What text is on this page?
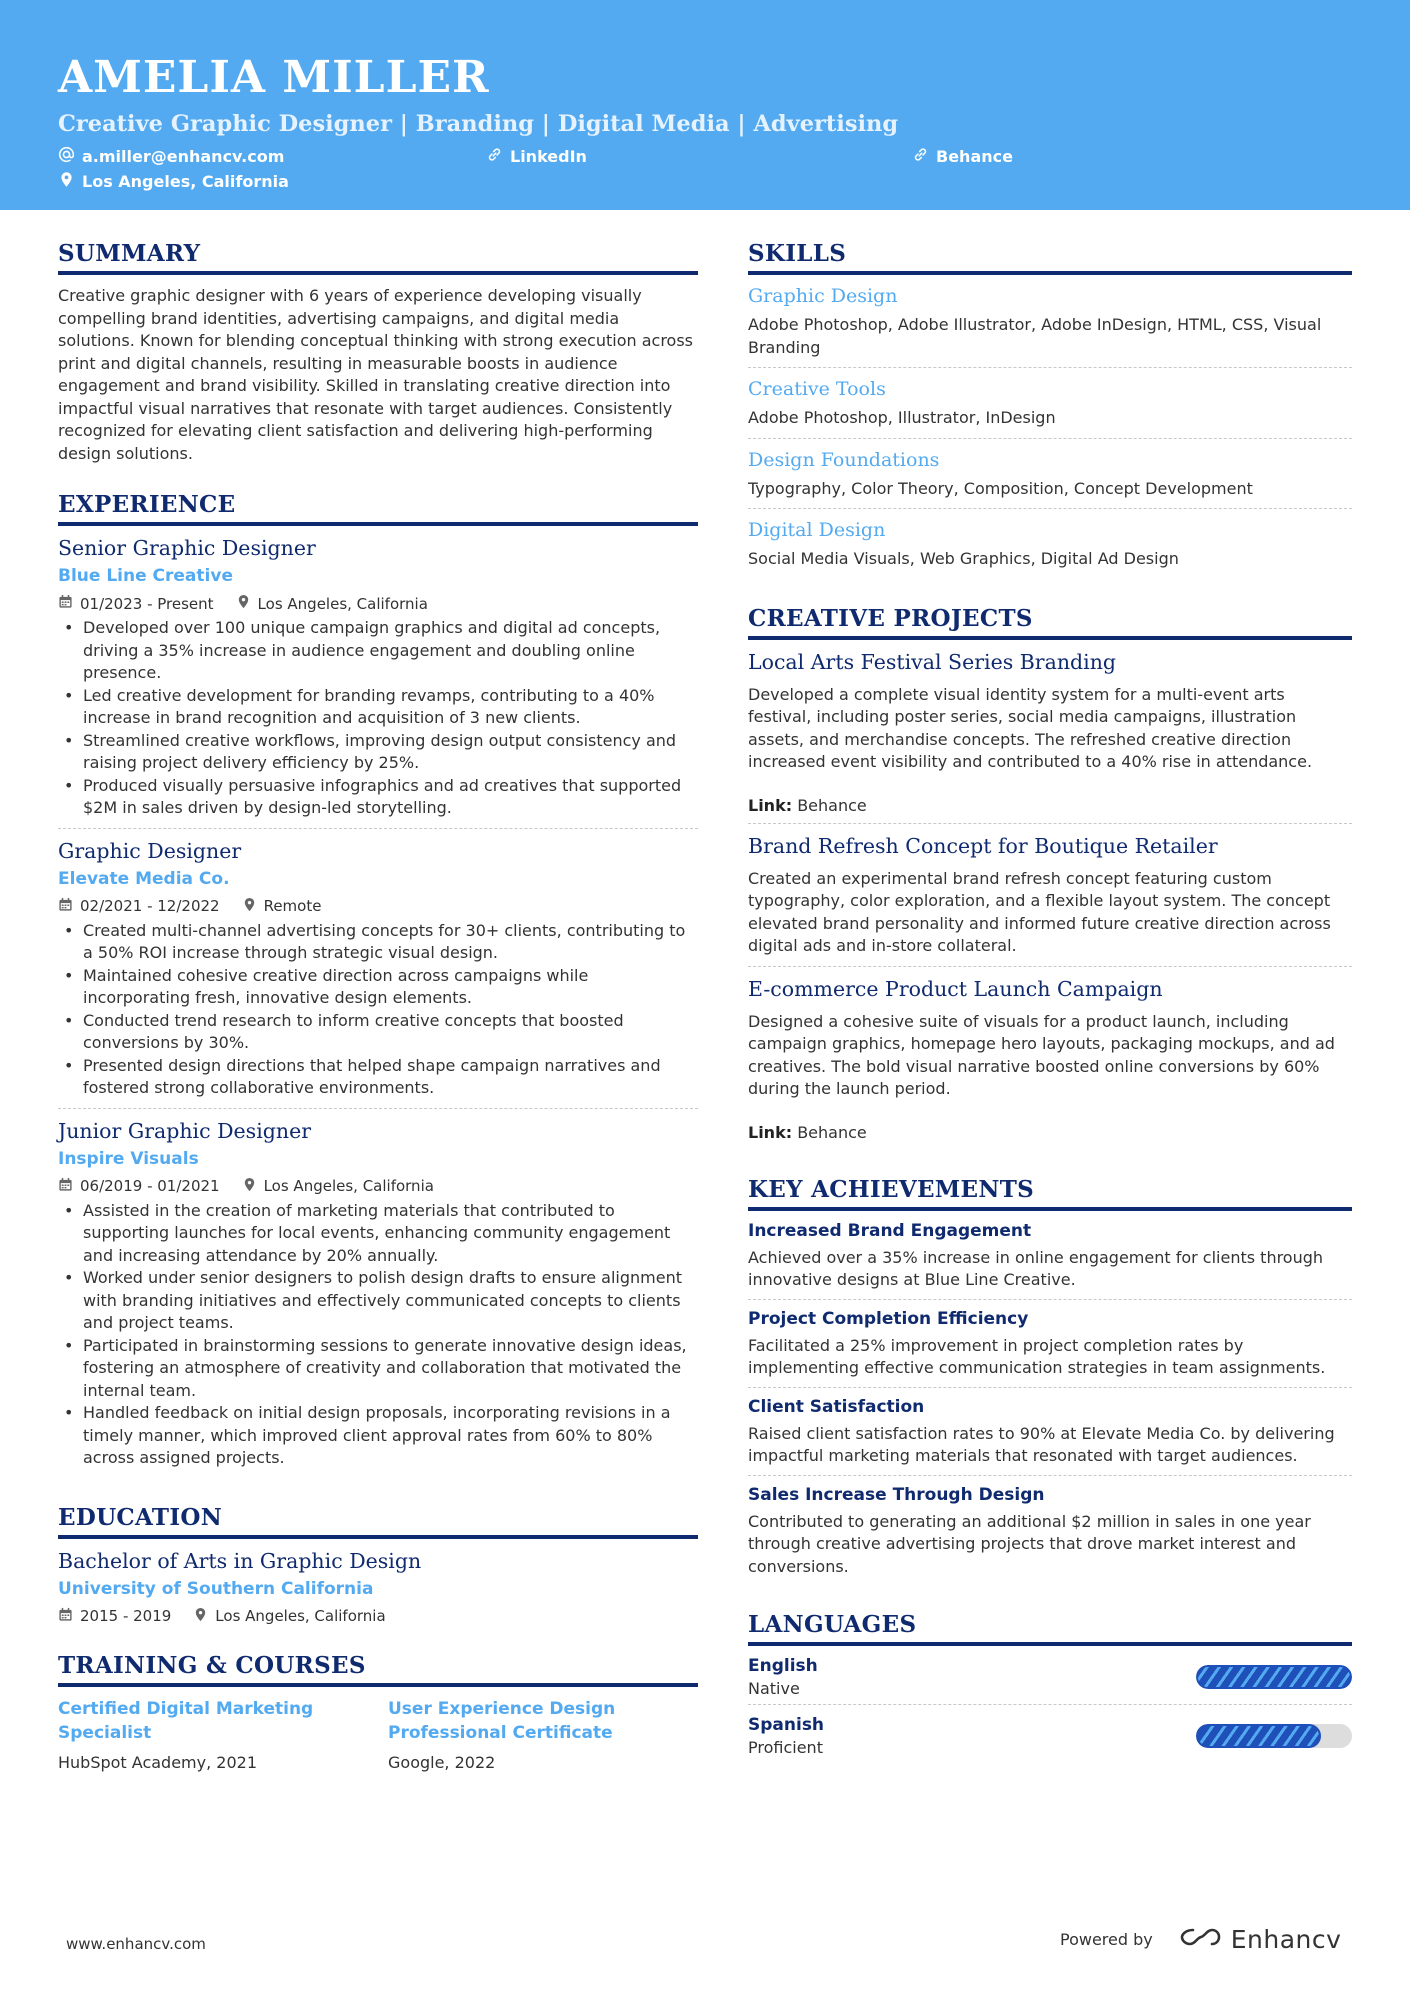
AMELIA MILLER
Creative Graphic Designer | Branding | Digital Media | Advertising
a.miller@enhancv.com	LinkedIn	Behance
Los Angeles, California
SUMMARY
Creative graphic designer with 6 years of experience developing visually compelling brand identities, advertising campaigns, and digital media solutions. Known for blending conceptual thinking with strong execution across print and digital channels, resulting in measurable boosts in audience engagement and brand visibility. Skilled in translating creative direction into impactful visual narratives that resonate with target audiences. Consistently recognized for elevating client satisfaction and delivering high-performing design solutions.
EXPERIENCE
Senior Graphic Designer
Blue Line Creative
01/2023 - Present	Los Angeles, California
• Developed over 100 unique campaign graphics and digital ad concepts, driving a 35% increase in audience engagement and doubling online presence.
• Led creative development for branding revamps, contributing to a 40% increase in brand recognition and acquisition of 3 new clients.
• Streamlined creative workflows, improving design output consistency and raising project delivery efficiency by 25%.
• Produced visually persuasive infographics and ad creatives that supported $2M in sales driven by design-led storytelling.
Graphic Designer
Elevate Media Co.
02/2021 - 12/2022	Remote
• Created multi-channel advertising concepts for 30+ clients, contributing to a 50% ROI increase through strategic visual design.
• Maintained cohesive creative direction across campaigns while incorporating fresh, innovative design elements.
• Conducted trend research to inform creative concepts that boosted conversions by 30%.
• Presented design directions that helped shape campaign narratives and fostered strong collaborative environments.
Junior Graphic Designer
Inspire Visuals
06/2019 - 01/2021	Los Angeles, California
• Assisted in the creation of marketing materials that contributed to supporting launches for local events, enhancing community engagement and increasing attendance by 20% annually.
• Worked under senior designers to polish design drafts to ensure alignment with branding initiatives and effectively communicated concepts to clients and project teams.
• Participated in brainstorming sessions to generate innovative design ideas, fostering an atmosphere of creativity and collaboration that motivated the internal team.
• Handled feedback on initial design proposals, incorporating revisions in a timely manner, which improved client approval rates from 60% to 80% across assigned projects.
EDUCATION
Bachelor of Arts in Graphic Design
University of Southern California
2015 - 2019	Los Angeles, California
TRAINING & COURSES
Certified Digital Marketing Specialist
HubSpot Academy, 2021
User Experience Design Professional Certificate
Google, 2022
SKILLS
Graphic Design
Adobe Photoshop, Adobe Illustrator, Adobe InDesign, HTML, CSS, Visual Branding
Creative Tools
Adobe Photoshop, Illustrator, InDesign
Design Foundations
Typography, Color Theory, Composition, Concept Development
Digital Design
Social Media Visuals, Web Graphics, Digital Ad Design
CREATIVE PROJECTS
Local Arts Festival Series Branding
Developed a complete visual identity system for a multi-event arts festival, including poster series, social media campaigns, illustration assets, and merchandise concepts. The refreshed creative direction increased event visibility and contributed to a 40% rise in attendance.
Link: Behance
Brand Refresh Concept for Boutique Retailer
Created an experimental brand refresh concept featuring custom typography, color exploration, and a flexible layout system. The concept elevated brand personality and informed future creative direction across digital ads and in-store collateral.
E-commerce Product Launch Campaign
Designed a cohesive suite of visuals for a product launch, including campaign graphics, homepage hero layouts, packaging mockups, and ad creatives. The bold visual narrative boosted online conversions by 60% during the launch period.
Link: Behance
KEY ACHIEVEMENTS
Increased Brand Engagement
Achieved over a 35% increase in online engagement for clients through innovative designs at Blue Line Creative.
Project Completion Efficiency
Facilitated a 25% improvement in project completion rates by implementing effective communication strategies in team assignments.
Client Satisfaction
Raised client satisfaction rates to 90% at Elevate Media Co. by delivering impactful marketing materials that resonated with target audiences.
Sales Increase Through Design
Contributed to generating an additional $2 million in sales in one year through creative advertising projects that drove market interest and conversions.
LANGUAGES
English
Native
Spanish
Proficient
www.enhancv.com	Powered by	Enhancv
